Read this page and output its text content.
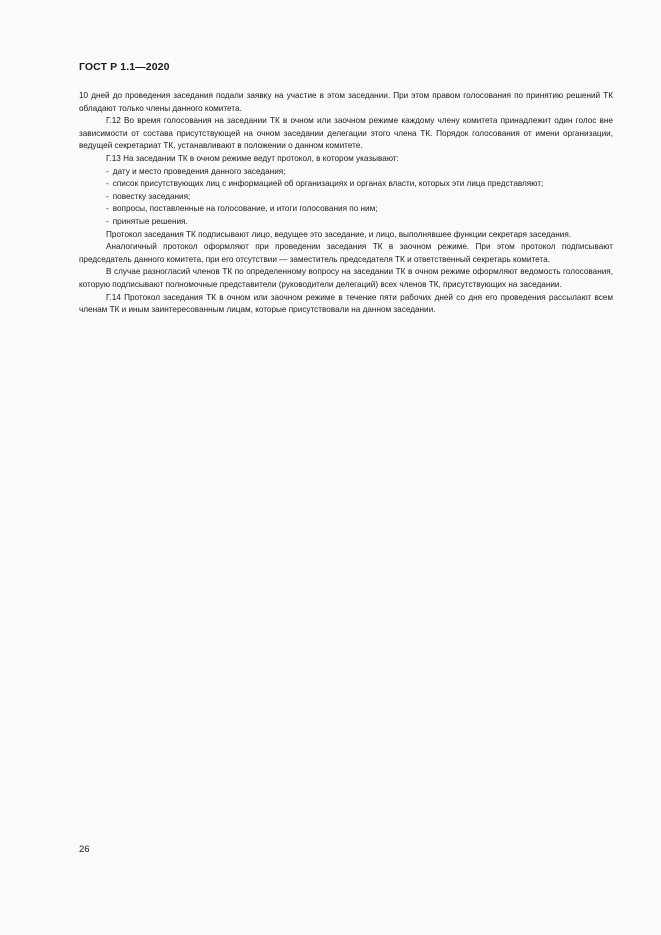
ГОСТ Р 1.1—2020

10 дней до проведения заседания подали заявку на участие в этом заседании. При этом правом голосования по принятию решений ТК обладают только члены данного комитета.

Г.12 Во время голосования на заседании ТК в очном или заочном режиме каждому члену комитета принадлежит один голос вне зависимости от состава присутствующей на очном заседании делегации этого члена ТК. Порядок голосования от имени организации, ведущей секретариат ТК, устанавливают в положении о данном комитете.

Г.13 На заседании ТК в очном режиме ведут протокол, в котором указывают:

- дату и место проведения данного заседания;

- список присутствующих лиц с информацией об организациях и органах власти, которых эти лица представляют;

- повестку заседания;

- вопросы, поставленные на голосование, и итоги голосования по ним;

- принятые решения.

Протокол заседания ТК подписывают лицо, ведущее это заседание, и лицо, выполнявшее функции секретаря заседания.

Аналогичный протокол оформляют при проведении заседания ТК в заочном режиме. При этом протокол подписывают председатель данного комитета, при его отсутствии — заместитель председателя ТК и ответственный секретарь комитета.

В случае разногласий членов ТК по определенному вопросу на заседании ТК в очном режиме оформляют ведомость голосования, которую подписывают полномочные представители (руководители делегаций) всех членов ТК, присутствующих на заседании.

Г.14 Протокол заседания ТК в очном или заочном режиме в течение пяти рабочих дней со дня его проведения рассылают всем членам ТК и иным заинтересованным лицам, которые присутствовали на данном заседании.

26
